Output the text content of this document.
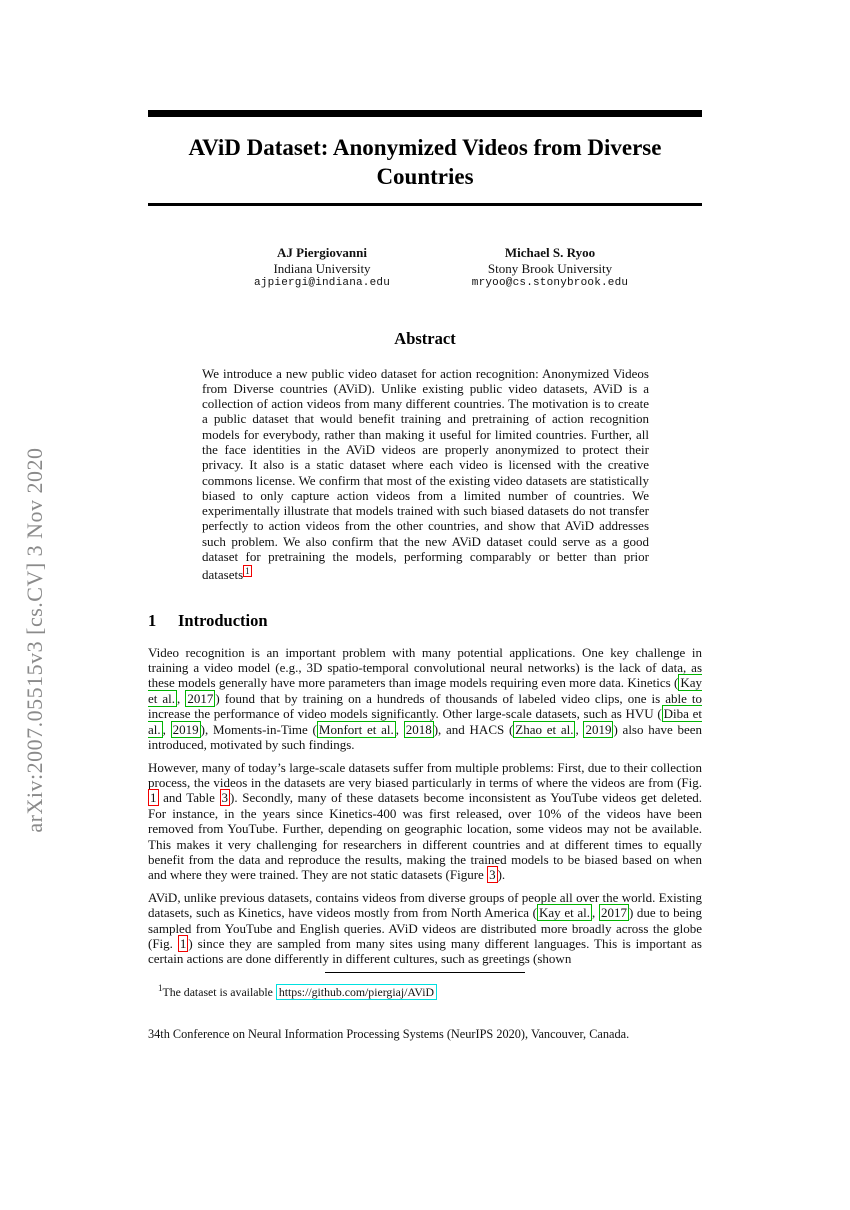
arXiv:2007.05515v3 [cs.CV] 3 Nov 2020
AViD Dataset: Anonymized Videos from Diverse Countries
AJ Piergiovanni
Indiana University
ajpiergi@indiana.edu
Michael S. Ryoo
Stony Brook University
mryoo@cs.stonybrook.edu
Abstract

We introduce a new public video dataset for action recognition: Anonymized Videos from Diverse countries (AViD). Unlike existing public video datasets, AViD is a collection of action videos from many different countries. The motivation is to create a public dataset that would benefit training and pretraining of action recognition models for everybody, rather than making it useful for limited countries. Further, all the face identities in the AViD videos are properly anonymized to protect their privacy. It also is a static dataset where each video is licensed with the creative commons license. We confirm that most of the existing video datasets are statistically biased to only capture action videos from a limited number of countries. We experimentally illustrate that models trained with such biased datasets do not transfer perfectly to action videos from the other countries, and show that AViD addresses such problem. We also confirm that the new AViD dataset could serve as a good dataset for pretraining the models, performing comparably or better than prior datasets $^1$

1 Introduction

Video recognition is an important problem with many potential applications. One key challenge in training a video model (e.g., 3D spatio-temporal convolutional neural networks) is the lack of data, as these models generally have more parameters than image models requiring even more data. Kinetics ( Kay et al. , 2017 ) found that by training on a hundreds of thousands of labeled video clips, one is able to increase the performance of video models significantly. Other large-scale datasets, such as HVU ( Diba et al. , 2019 ), Moments-in-Time ( Monfort et al. , 2018 ), and HACS ( Zhao et al. , 2019 ) also have been introduced, motivated by such findings.

However, many of today’s large-scale datasets suffer from multiple problems: First, due to their collection process, the videos in the datasets are very biased particularly in terms of where the videos are from (Fig. 1 and Table 3 ). Secondly, many of these datasets become inconsistent as YouTube videos get deleted. For instance, in the years since Kinetics-400 was first released, over 10% of the videos have been removed from YouTube. Further, depending on geographic location, some videos may not be available. This makes it very challenging for researchers in different countries and at different times to equally benefit from the data and reproduce the results, making the trained models to be biased based on when and where they were trained. They are not static datasets (Figure 3 ).

AViD, unlike previous datasets, contains videos from diverse groups of people all over the world. Existing datasets, such as Kinetics, have videos mostly from from North America ( Kay et al. , 2017 ) due to being sampled from YouTube and English queries. AViD videos are distributed more broadly across the globe (Fig. 1 ) since they are sampled from many sites using many different languages. This is important as certain actions are done differently in different cultures, such as greetings (shown

$^1$The dataset is available https://github.com/piergiaj/AViD

34th Conference on Neural Information Processing Systems (NeurIPS 2020), Vancouver, Canada.
